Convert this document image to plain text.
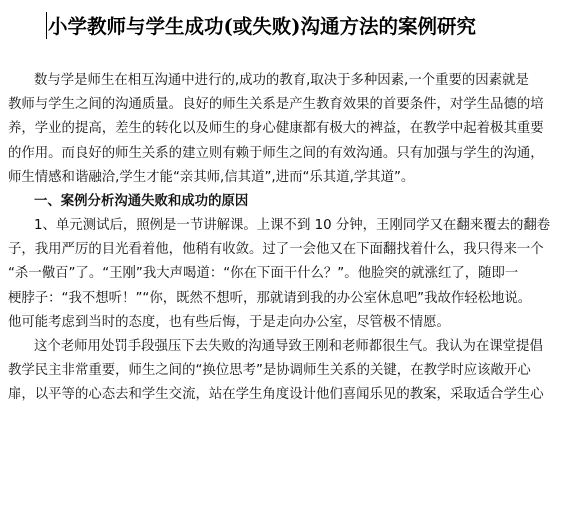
小学教师与学生成功(或失败)沟通方法的案例研究
数与学是师生在相互沟通中进行的,成功的教育,取决于多种因素,一个重要的因素就是
教师与学生之间的沟通质量。良好的师生关系是产生教育效果的首要条件，对学生品德的培
养，学业的提高，差生的转化以及师生的身心健康都有极大的裨益，在教学中起着极其重要
的作用。而良好的师生关系的建立则有赖于师生之间的有效沟通。只有加强与学生的沟通，
师生情感和谐融洽,学生才能“亲其师,信其道”,进而“乐其道,学其道”。
一、案例分析沟通失败和成功的原因
1、单元测试后，照例是一节讲解课。上课不到 10 分钟，王刚同学又在翻来覆去的翻卷
子，我用严厉的目光看着他，他稍有收敛。过了一会他又在下面翻找着什么，我只得来一个
“杀一儆百”了。“王刚”我大声喝道：“你在下面干什么？”。他脸突的就涨红了，随即一
梗脖子：“我不想听！”“你，既然不想听，那就请到我的办公室休息吧”我故作轻松地说。
他可能考虑到当时的态度，也有些后悔，于是走向办公室，尽管极不情愿。
这个老师用处罚手段强压下去失败的沟通导致王刚和老师都很生气。我认为在课堂提倡
教学民主非常重要，师生之间的“换位思考”是协调师生关系的关键，在教学时应该敞开心
扉，以平等的心态去和学生交流，站在学生角度设计他们喜闻乐见的教案，采取适合学生心
